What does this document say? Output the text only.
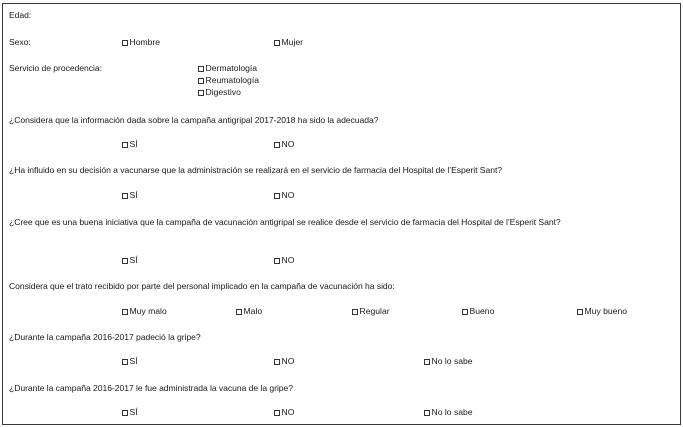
Edad:
Sexo:	Hombre	Mujer
Servicio de procedencia:	Dermatología
Reumatología
Digestivo
¿Considera que la información dada sobre la campaña antigripal 2017-2018 ha sido la adecuada?
SÍ	NO
¿Ha influido en su decisión a vacunarse que la administración se realizará en el servicio de farmacia del Hospital de l’Esperit Sant?
SÍ	NO
¿Cree que es una buena iniciativa que la campaña de vacunación antigripal se realice desde el servicio de farmacia del Hospital de l’Esperit Sant?
SÍ	NO
Considera que el trato recibido por parte del personal implicado en la campaña de vacunación ha sido:
Muy malo	Malo	Regular	Bueno	Muy bueno
¿Durante la campaña 2016-2017 padeció la gripe?
SÍ	NO	No lo sabe
¿Durante la campaña 2016-2017 le fue administrada la vacuna de la gripe?
SÍ	NO	No lo sabe
